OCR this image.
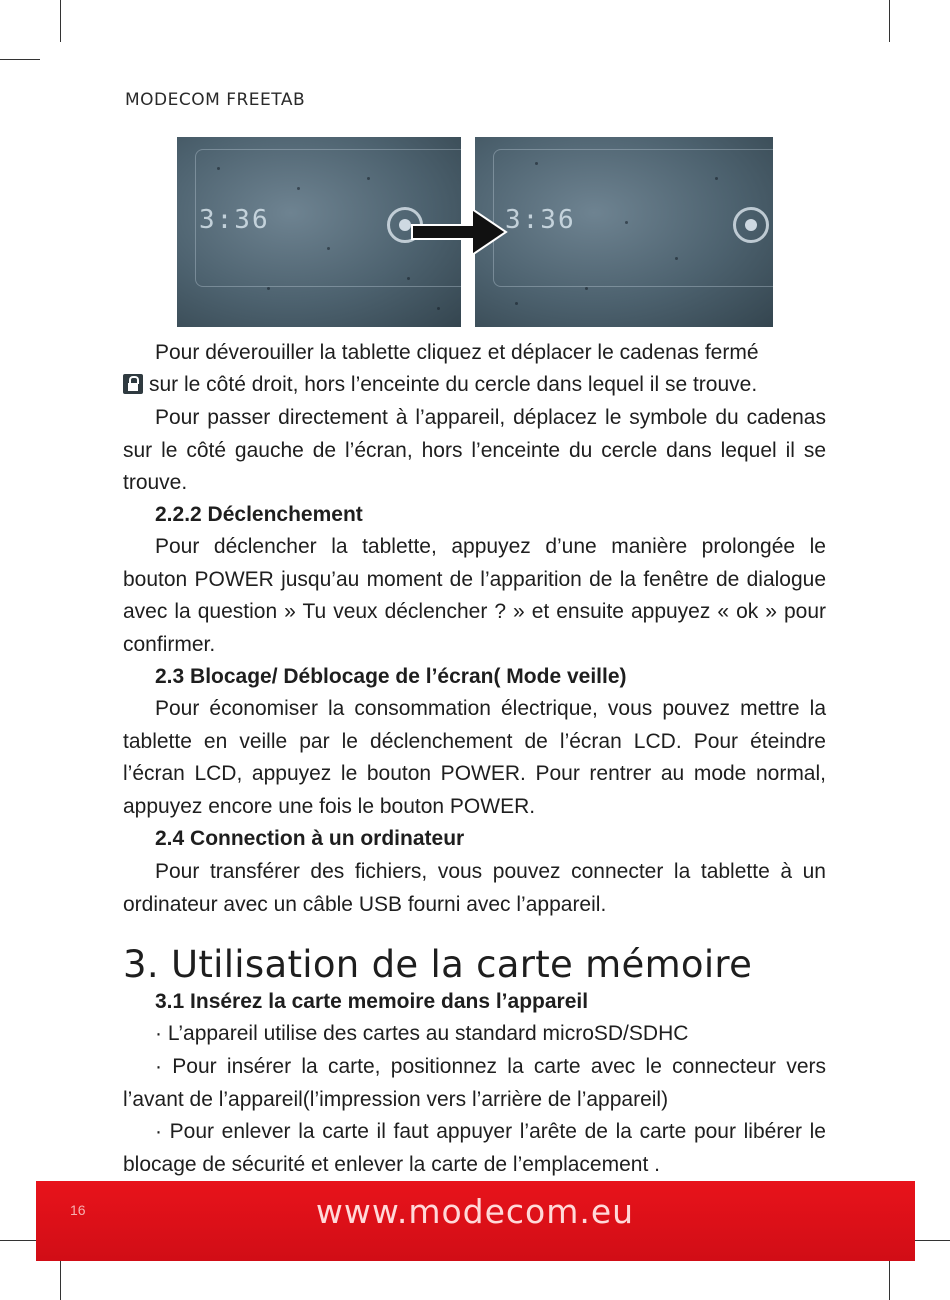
MODECOM FREETAB
3:36	3:36

Pour déverouiller la tablette cliquez et déplacer le cadenas fermé

sur le côté droit, hors l’enceinte du cercle dans lequel il se trouve.

Pour passer directement à l’appareil, déplacez le symbole du cadenas sur le côté gauche de l’écran, hors l’enceinte du cercle dans lequel il se trouve.

2.2.2 Déclenchement

Pour déclencher la tablette, appuyez d’une manière prolongée le bouton POWER jusqu’au moment de l’apparition de la fenêtre de dialogue avec la question » Tu veux déclencher ? » et ensuite appuyez « ok » pour confirmer.

2.3 Blocage/ Déblocage de l’écran( Mode veille)

Pour économiser la consommation électrique, vous pouvez mettre la tablette en veille par le déclenchement de l’écran LCD. Pour éteindre l’écran LCD, appuyez le bouton POWER. Pour rentrer au mode normal, appuyez encore une fois le bouton POWER.

2.4 Connection à un ordinateur

Pour transférer des fichiers, vous pouvez connecter la tablette à un ordinateur avec un câble USB fourni avec l’appareil.

3. Utilisation de la carte mémoire

3.1 Insérez la carte memoire dans l’appareil

· L’appareil utilise des cartes au standard microSD/SDHC

· Pour insérer la carte, positionnez la carte avec le connecteur vers l’avant de l’appareil(l’impression vers l’arrière de l’appareil)

· Pour enlever la carte il faut appuyer l’arête de la carte pour libérer le blocage de sécurité et enlever la carte de l’emplacement .

16	www.modecom.eu
